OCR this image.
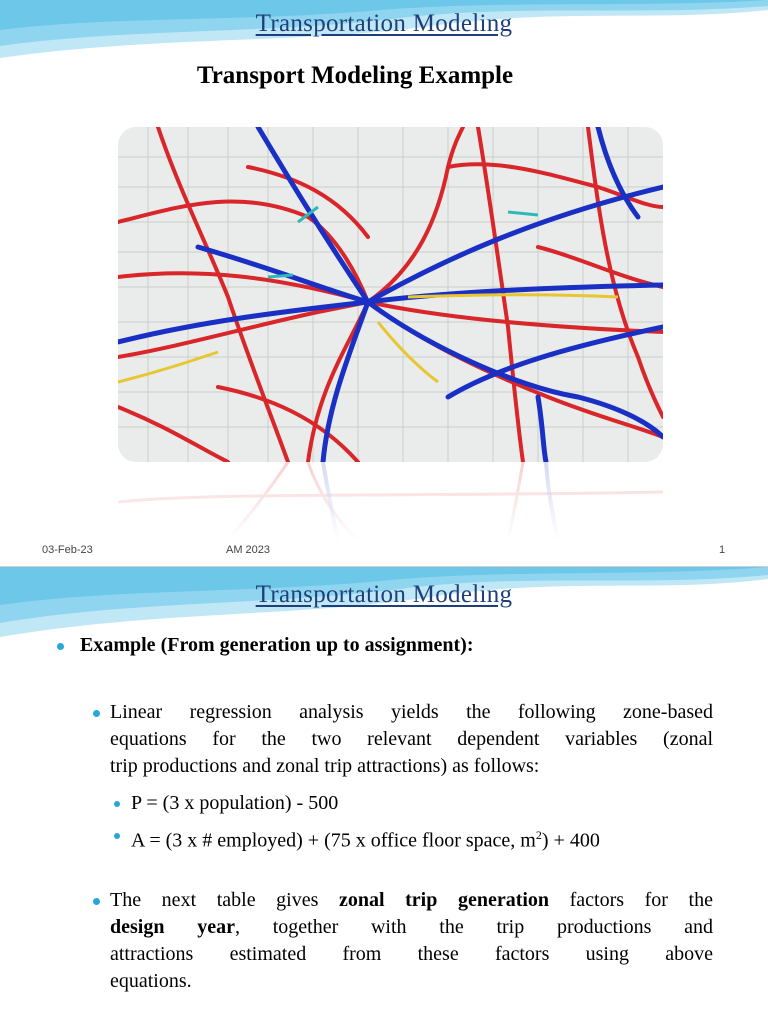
Transportation Modeling
Transport Modeling Example
03-Feb-23	AM 2023	1
Transportation Modeling
Example (From generation up to assignment):
Linear regression analysis yields the following zone-based
equations for the two relevant dependent variables (zonal
trip productions and zonal trip attractions) as follows:
P = (3 x population) - 500
A = (3 x # employed) + (75 x office floor space, $m^2) + 400$
The next table gives zonal trip generation factors for the
design year, together with the trip productions and
attractions estimated from these factors using above
equations.
